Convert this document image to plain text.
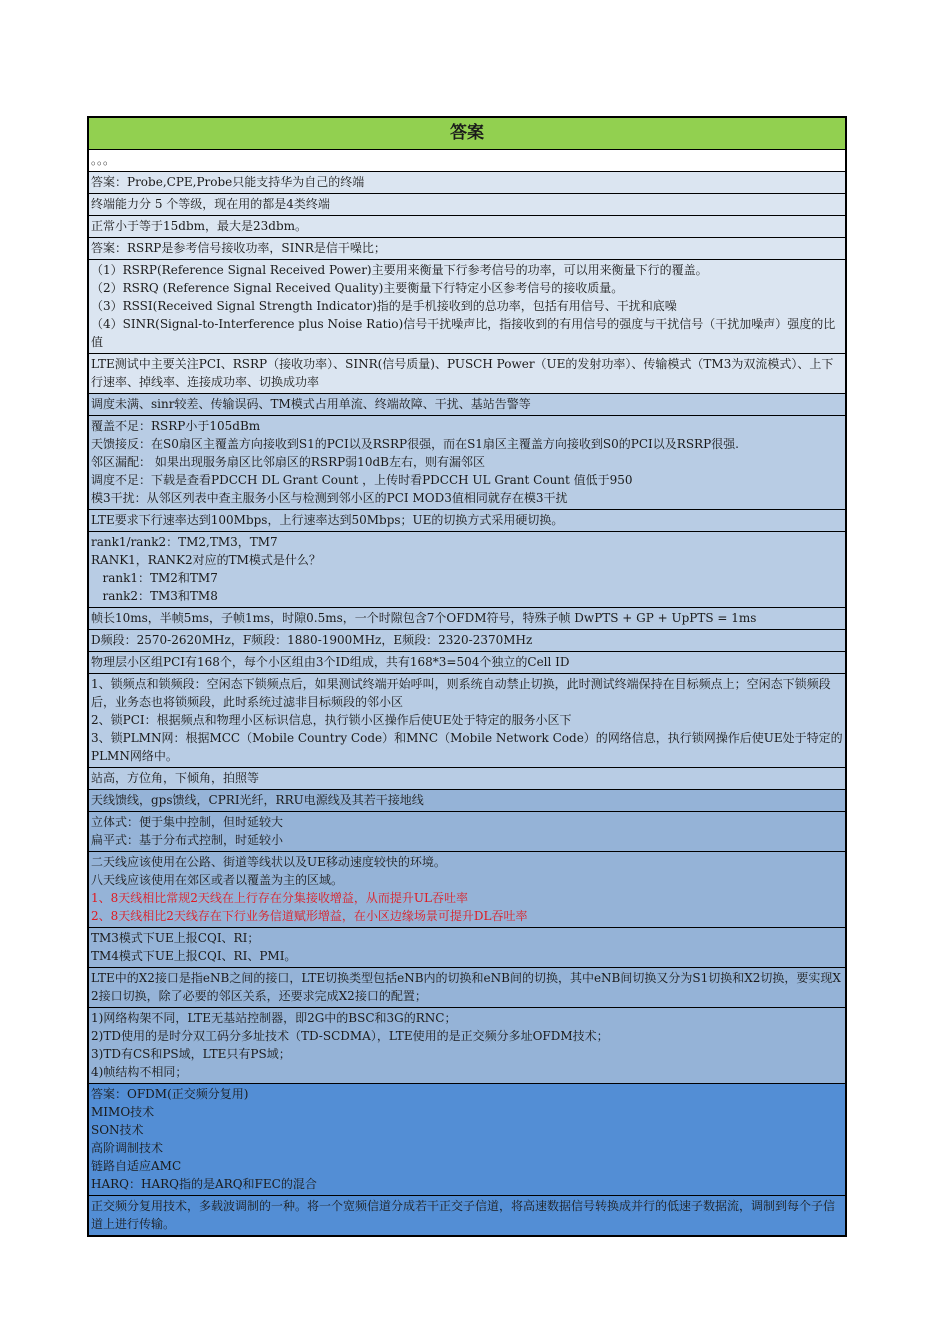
答案
。。。
答案：Probe,CPE,Probe只能支持华为自己的终端
终端能力分 5 个等级，现在用的都是4类终端
正常小于等于15dbm，最大是23dbm。
答案：RSRP是参考信号接收功率，SINR是信干噪比；
（1）RSRP(Reference Signal Received Power)主要用来衡量下行参考信号的功率，可以用来衡量下行的覆盖。
（2）RSRQ (Reference Signal Received Quality)主要衡量下行特定小区参考信号的接收质量。
（3）RSSI(Received Signal Strength Indicator)指的是手机接收到的总功率，包括有用信号、干扰和底噪
（4）SINR(Signal-to-Interference plus Noise Ratio)信号干扰噪声比，指接收到的有用信号的强度与干扰信号（干扰加噪声）强度的比值
LTE测试中主要关注PCI、RSRP（接收功率）、SINR(信号质量)、PUSCH Power（UE的发射功率）、传输模式（TM3为双流模式）、上下行速率、掉线率、连接成功率、切换成功率
调度未满、sinr较差、传输误码、TM模式占用单流、终端故障、干扰、基站告警等
覆盖不足：RSRP小于105dBm
天馈接反：在S0扇区主覆盖方向接收到S1的PCI以及RSRP很强，而在S1扇区主覆盖方向接收到S0的PCI以及RSRP很强.
邻区漏配： 如果出现服务扇区比邻扇区的RSRP弱10dB左右，则有漏邻区
调度不足：下载是查看PDCCH DL Grant Count ，上传时看PDCCH UL Grant Count 值低于950
模3干扰：从邻区列表中查主服务小区与检测到邻小区的PCI MOD3值相同就存在模3干扰
LTE要求下行速率达到100Mbps，上行速率达到50Mbps；UE的切换方式采用硬切换。
rank1/rank2：TM2,TM3，TM7
RANK1，RANK2对应的TM模式是什么？
rank1：TM2和TM7
rank2：TM3和TM8
帧长10ms，半帧5ms，子帧1ms，时隙0.5ms，一个时隙包含7个OFDM符号，特殊子帧 DwPTS + GP + UpPTS = 1ms
D频段：2570-2620MHz，F频段：1880-1900MHz，E频段：2320-2370MHz
物理层小区组PCI有168个，每个小区组由3个ID组成，共有168*3=504个独立的Cell ID
1、锁频点和锁频段：空闲态下锁频点后，如果测试终端开始呼叫，则系统自动禁止切换，此时测试终端保持在目标频点上；空闲态下锁频段后，业务态也将锁频段，此时系统过滤非目标频段的邻小区
2、锁PCI：根据频点和物理小区标识信息，执行锁小区操作后使UE处于特定的服务小区下
3、锁PLMN网：根据MCC（Mobile Country Code）和MNC（Mobile Network Code）的网络信息，执行锁网操作后使UE处于特定的PLMN网络中。
站高，方位角，下倾角，拍照等
天线馈线，gps馈线，CPRI光纤，RRU电源线及其若干接地线
立体式：便于集中控制，但时延较大
扁平式：基于分布式控制，时延较小
二天线应该使用在公路、街道等线状以及UE移动速度较快的环境。
八天线应该使用在郊区或者以覆盖为主的区域。
1、8天线相比常规2天线在上行存在分集接收增益，从而提升UL吞吐率
2、8天线相比2天线存在下行业务信道赋形增益，在小区边缘场景可提升DL吞吐率
TM3模式下UE上报CQI、RI；
TM4模式下UE上报CQI、RI、PMI。
LTE中的X2接口是指eNB之间的接口，LTE切换类型包括eNB内的切换和eNB间的切换，其中eNB间切换又分为S1切换和X2切换，要实现X2接口切换，除了必要的邻区关系，还要求完成X2接口的配置；
1)网络构架不同，LTE无基站控制器，即2G中的BSC和3G的RNC；
2)TD使用的是时分双工码分多址技术（TD-SCDMA），LTE使用的是正交频分多址OFDM技术；
3)TD有CS和PS域，LTE只有PS域；
4)帧结构不相同；
答案：OFDM(正交频分复用)
MIMO技术
SON技术
高阶调制技术
链路自适应AMC
HARQ：HARQ指的是ARQ和FEC的混合
正交频分复用技术，多载波调制的一种。将一个宽频信道分成若干正交子信道，将高速数据信号转换成并行的低速子数据流，调制到每个子信道上进行传输。
